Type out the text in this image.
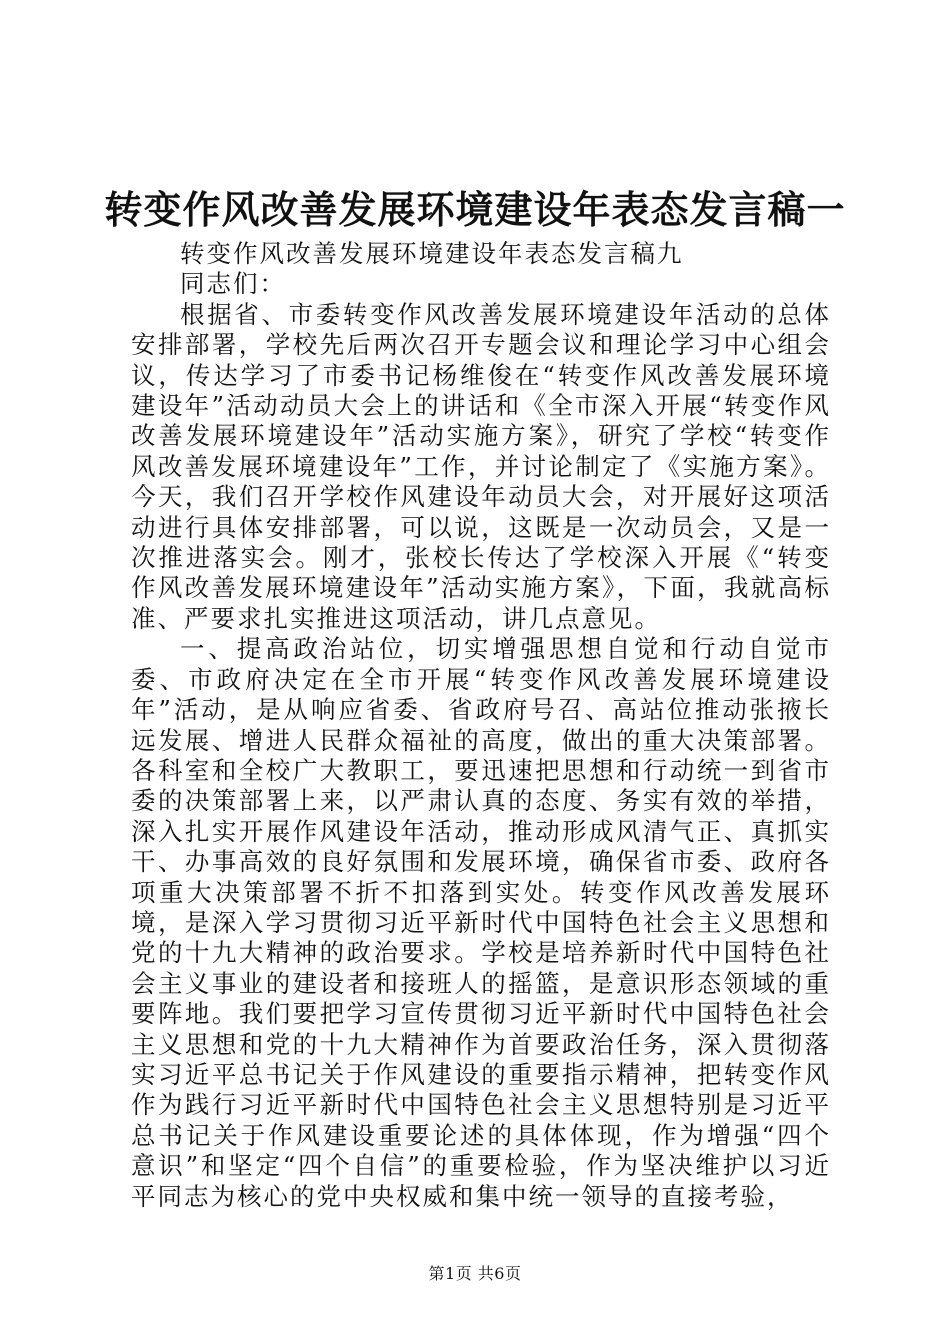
转变作风改善发展环境建设年表态发言稿一

转变作风改善发展环境建设年表态发言稿九

同志们：

根据省、市委转变作风改善发展环境建设年活动的总体安排部署，学校先后两次召开专题会议和理论学习中心组会议，传达学习了市委书记杨维俊在“转变作风改善发展环境建设年”活动动员大会上的讲话和《全市深入开展“转变作风改善发展环境建设年”活动实施方案》，研究了学校“转变作风改善发展环境建设年”工作，并讨论制定了《实施方案》。今天，我们召开学校作风建设年动员大会，对开展好这项活动进行具体安排部署，可以说，这既是一次动员会，又是一次推进落实会。刚才，张校长传达了学校深入开展《“转变作风改善发展环境建设年”活动实施方案》，下面，我就高标准、严要求扎实推进这项活动，讲几点意见。

一、提高政治站位，切实增强思想自觉和行动自觉市委、市政府决定在全市开展“转变作风改善发展环境建设年”活动，是从响应省委、省政府号召、高站位推动张掖长远发展、增进人民群众福祉的高度，做出的重大决策部署。各科室和全校广大教职工，要迅速把思想和行动统一到省市委的决策部署上来，以严肃认真的态度、务实有效的举措，深入扎实开展作风建设年活动，推动形成风清气正、真抓实干、办事高效的良好氛围和发展环境，确保省市委、政府各项重大决策部署不折不扣落到实处。转变作风改善发展环境，是深入学习贯彻习近平新时代中国特色社会主义思想和党的十九大精神的政治要求。学校是培养新时代中国特色社会主义事业的建设者和接班人的摇篮，是意识形态领域的重要阵地。我们要把学习宣传贯彻习近平新时代中国特色社会主义思想和党的十九大精神作为首要政治任务，深入贯彻落实习近平总书记关于作风建设的重要指示精神，把转变作风作为践行习近平新时代中国特色社会主义思想特别是习近平总书记关于作风建设重要论述的具体体现，作为增强“四个意识”和坚定“四个自信”的重要检验，作为坚决维护以习近平同志为核心的党中央权威和集中统一领导的直接考验，

第1页 共6页
